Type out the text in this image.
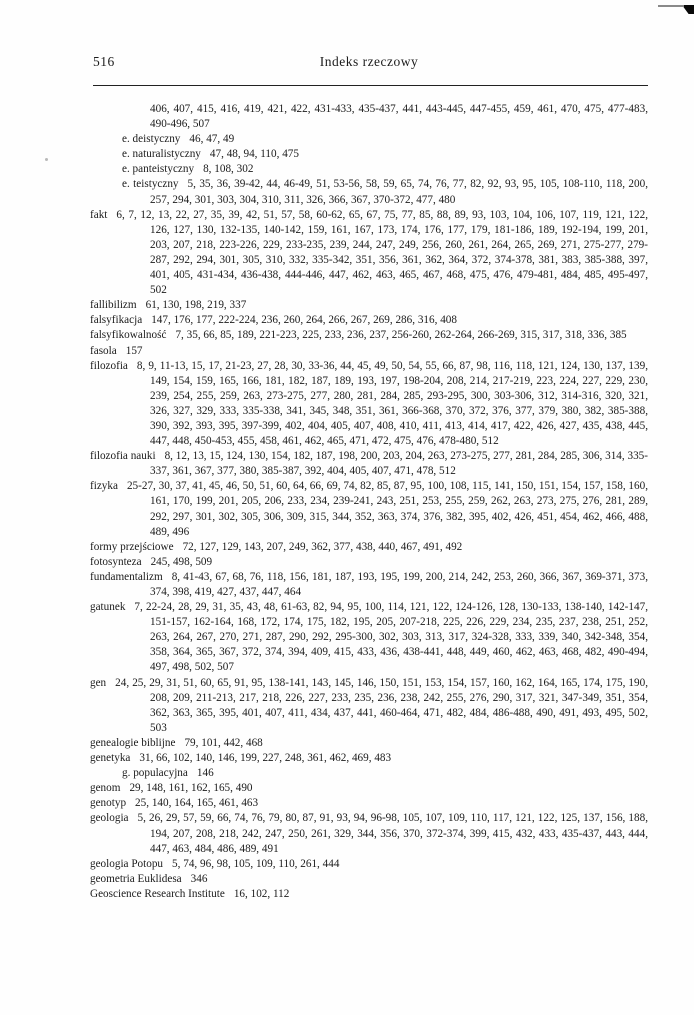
516	Indeks rzeczowy
406, 407, 415, 416, 419, 421, 422, 431-433, 435-437, 441, 443-445, 447-455, 459, 461, 470, 475, 477-483, 490-496, 507
e. deistyczny 46, 47, 49
e. naturalistyczny 47, 48, 94, 110, 475
e. panteistyczny 8, 108, 302
e. teistyczny 5, 35, 36, 39-42, 44, 46-49, 51, 53-56, 58, 59, 65, 74, 76, 77, 82, 92, 93, 95, 105, 108-110, 118, 200, 257, 294, 301, 303, 304, 310, 311, 326, 366, 367, 370-372, 477, 480
fakt 6, 7, 12, 13, 22, 27, 35, 39, 42, 51, 57, 58, 60-62, 65, 67, 75, 77, 85, 88, 89, 93, 103, 104, 106, 107, 119, 121, 122, 126, 127, 130, 132-135, 140-142, 159, 161, 167, 173, 174, 176, 177, 179, 181-186, 189, 192-194, 199, 201, 203, 207, 218, 223-226, 229, 233-235, 239, 244, 247, 249, 256, 260, 261, 264, 265, 269, 271, 275-277, 279-287, 292, 294, 301, 305, 310, 332, 335-342, 351, 356, 361, 362, 364, 372, 374-378, 381, 383, 385-388, 397, 401, 405, 431-434, 436-438, 444-446, 447, 462, 463, 465, 467, 468, 475, 476, 479-481, 484, 485, 495-497, 502
fallibilizm 61, 130, 198, 219, 337
falsyfikacja 147, 176, 177, 222-224, 236, 260, 264, 266, 267, 269, 286, 316, 408
falsyfikowalność 7, 35, 66, 85, 189, 221-223, 225, 233, 236, 237, 256-260, 262-264, 266-269, 315, 317, 318, 336, 385
fasola 157
filozofia 8, 9, 11-13, 15, 17, 21-23, 27, 28, 30, 33-36, 44, 45, 49, 50, 54, 55, 66, 87, 98, 116, 118, 121, 124, 130, 137, 139, 149, 154, 159, 165, 166, 181, 182, 187, 189, 193, 197, 198-204, 208, 214, 217-219, 223, 224, 227, 229, 230, 239, 254, 255, 259, 263, 273-275, 277, 280, 281, 284, 285, 293-295, 300, 303-306, 312, 314-316, 320, 321, 326, 327, 329, 333, 335-338, 341, 345, 348, 351, 361, 366-368, 370, 372, 376, 377, 379, 380, 382, 385-388, 390, 392, 393, 395, 397-399, 402, 404, 405, 407, 408, 410, 411, 413, 414, 417, 422, 426, 427, 435, 438, 445, 447, 448, 450-453, 455, 458, 461, 462, 465, 471, 472, 475, 476, 478-480, 512
filozofia nauki 8, 12, 13, 15, 124, 130, 154, 182, 187, 198, 200, 203, 204, 263, 273-275, 277, 281, 284, 285, 306, 314, 335-337, 361, 367, 377, 380, 385-387, 392, 404, 405, 407, 471, 478, 512
fizyka 25-27, 30, 37, 41, 45, 46, 50, 51, 60, 64, 66, 69, 74, 82, 85, 87, 95, 100, 108, 115, 141, 150, 151, 154, 157, 158, 160, 161, 170, 199, 201, 205, 206, 233, 234, 239-241, 243, 251, 253, 255, 259, 262, 263, 273, 275, 276, 281, 289, 292, 297, 301, 302, 305, 306, 309, 315, 344, 352, 363, 374, 376, 382, 395, 402, 426, 451, 454, 462, 466, 488, 489, 496
formy przejściowe 72, 127, 129, 143, 207, 249, 362, 377, 438, 440, 467, 491, 492
fotosynteza 245, 498, 509
fundamentalizm 8, 41-43, 67, 68, 76, 118, 156, 181, 187, 193, 195, 199, 200, 214, 242, 253, 260, 366, 367, 369-371, 373, 374, 398, 419, 427, 437, 447, 464
gatunek 7, 22-24, 28, 29, 31, 35, 43, 48, 61-63, 82, 94, 95, 100, 114, 121, 122, 124-126, 128, 130-133, 138-140, 142-147, 151-157, 162-164, 168, 172, 174, 175, 182, 195, 205, 207-218, 225, 226, 229, 234, 235, 237, 238, 251, 252, 263, 264, 267, 270, 271, 287, 290, 292, 295-300, 302, 303, 313, 317, 324-328, 333, 339, 340, 342-348, 354, 358, 364, 365, 367, 372, 374, 394, 409, 415, 433, 436, 438-441, 448, 449, 460, 462, 463, 468, 482, 490-494, 497, 498, 502, 507
gen 24, 25, 29, 31, 51, 60, 65, 91, 95, 138-141, 143, 145, 146, 150, 151, 153, 154, 157, 160, 162, 164, 165, 174, 175, 190, 208, 209, 211-213, 217, 218, 226, 227, 233, 235, 236, 238, 242, 255, 276, 290, 317, 321, 347-349, 351, 354, 362, 363, 365, 395, 401, 407, 411, 434, 437, 441, 460-464, 471, 482, 484, 486-488, 490, 491, 493, 495, 502, 503
genealogie biblijne 79, 101, 442, 468
genetyka 31, 66, 102, 140, 146, 199, 227, 248, 361, 462, 469, 483
g. populacyjna 146
genom 29, 148, 161, 162, 165, 490
genotyp 25, 140, 164, 165, 461, 463
geologia 5, 26, 29, 57, 59, 66, 74, 76, 79, 80, 87, 91, 93, 94, 96-98, 105, 107, 109, 110, 117, 121, 122, 125, 137, 156, 188, 194, 207, 208, 218, 242, 247, 250, 261, 329, 344, 356, 370, 372-374, 399, 415, 432, 433, 435-437, 443, 444, 447, 463, 484, 486, 489, 491
geologia Potopu 5, 74, 96, 98, 105, 109, 110, 261, 444
geometria Euklidesa 346
Geoscience Research Institute 16, 102, 112
